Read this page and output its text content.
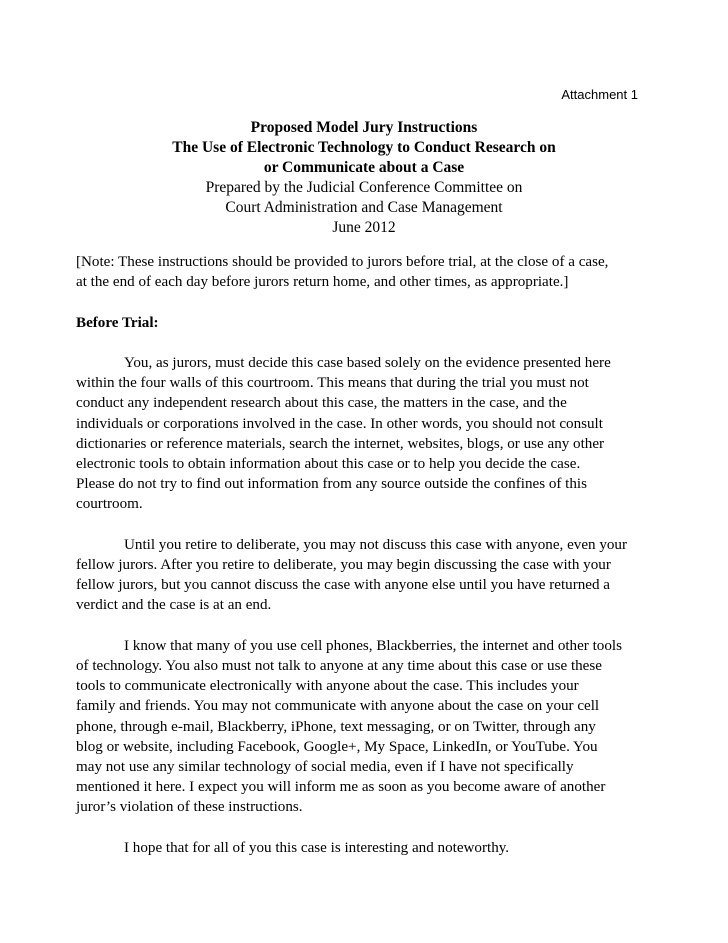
Attachment 1
Proposed Model Jury Instructions
The Use of Electronic Technology to Conduct Research on
or Communicate about a Case
Prepared by the Judicial Conference Committee on
Court Administration and Case Management
June 2012

[Note: These instructions should be provided to jurors before trial, at the close of a case,
at the end of each day before jurors return home, and other times, as appropriate.]

Before Trial:

You, as jurors, must decide this case based solely on the evidence presented here
within the four walls of this courtroom. This means that during the trial you must not
conduct any independent research about this case, the matters in the case, and the
individuals or corporations involved in the case. In other words, you should not consult
dictionaries or reference materials, search the internet, websites, blogs, or use any other
electronic tools to obtain information about this case or to help you decide the case.
Please do not try to find out information from any source outside the confines of this
courtroom.

Until you retire to deliberate, you may not discuss this case with anyone, even your
fellow jurors. After you retire to deliberate, you may begin discussing the case with your
fellow jurors, but you cannot discuss the case with anyone else until you have returned a
verdict and the case is at an end.

I know that many of you use cell phones, Blackberries, the internet and other tools
of technology. You also must not talk to anyone at any time about this case or use these
tools to communicate electronically with anyone about the case. This includes your
family and friends. You may not communicate with anyone about the case on your cell
phone, through e-mail, Blackberry, iPhone, text messaging, or on Twitter, through any
blog or website, including Facebook, Google+, My Space, LinkedIn, or YouTube. You
may not use any similar technology of social media, even if I have not specifically
mentioned it here. I expect you will inform me as soon as you become aware of another
juror’s violation of these instructions.

I hope that for all of you this case is interesting and noteworthy.
